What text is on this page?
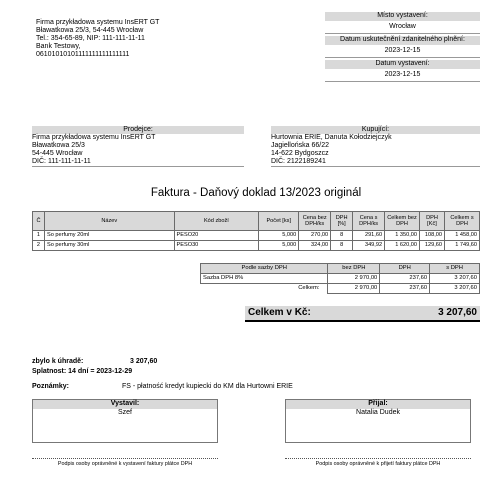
Firma przykładowa systemu InsERT GT
Bławatkowa 25/3, 54-445 Wrocław
Tel.: 354-65-89, NIP: 111-111-11-11
Bank Testowy,
06101010101111111111111111
Místo vystavení:
Wrocław
Datum uskutečnění zdanitelného plnění:
2023-12-15
Datum vystavení:
2023-12-15
Prodejce:
Firma przykładowa systemu InsERT GT
Bławatkowa 25/3
54-445 Wrocław
DIČ: 111-111-11-11
Kupující:
Hurtownia ERIE, Danuta Kołodziejczyk
Jagiellońska 66/22
14-622 Bydgoszcz
DIČ: 2122189241
Faktura - Daňový doklad 13/2023 originál
Č	Název	Kód zboží	Počet [ks]	Cena bez DPH/ks	DPH [%]	Cena s DPH/ks	Celkem bez DPH	DPH [Kč]	Celkem s DPH
1	So perfumy 20ml	PESO20	5,000	270,00	8	291,60	1 350,00	108,00	1 458,00
2	So perfumy 30ml	PESO30	5,000	324,00	8	349,92	1 620,00	129,60	1 749,60
Podle sazby DPH	bez DPH	DPH	s DPH
Sazba DPH 8%	2 970,00	237,60	3 207,60
Celkem:	2 970,00	237,60	3 207,60
Celkem v Kč:	3 207,60
zbylo k úhradě:	3 207,60
Splatnost: 14 dní = 2023-12-29
Poznámky:	FS - płatność kredyt kupiecki do KM dla Hurtowni ERIE
Vystavil:
Szef
Přijal:
Natalia Dudek
Podpis osoby oprávněné k vystavení faktury plátce DPH	Podpis osoby oprávněné k přijetí faktury plátce DPH
